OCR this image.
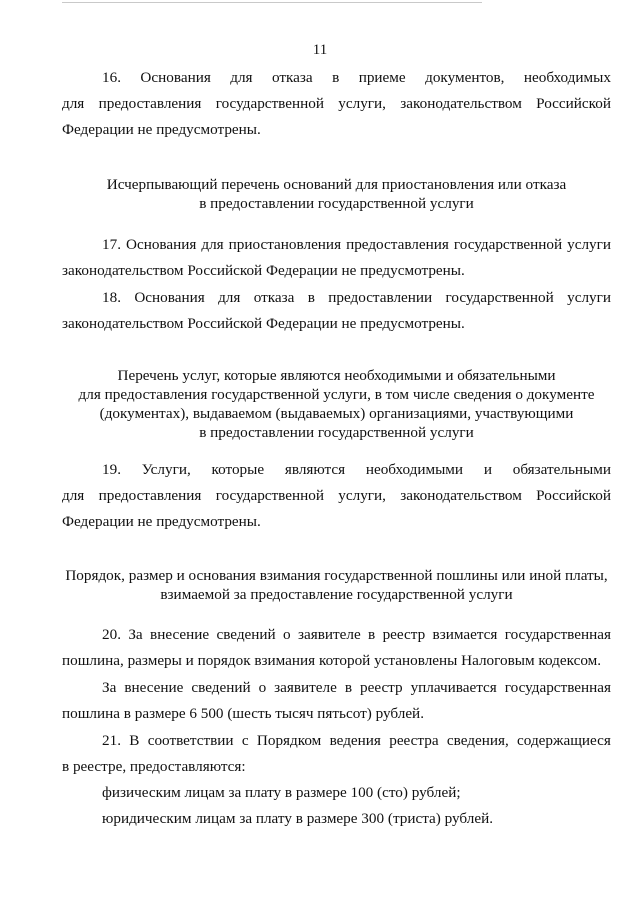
11
16. Основания для отказа в приеме документов, необходимых
для предоставления государственной услуги, законодательством Российской
Федерации не предусмотрены.
Исчерпывающий перечень оснований для приостановления или отказа
в предоставлении государственной услуги
17. Основания для приостановления предоставления государственной услуги
законодательством Российской Федерации не предусмотрены.
18. Основания для отказа в предоставлении государственной услуги
законодательством Российской Федерации не предусмотрены.
Перечень услуг, которые являются необходимыми и обязательными
для предоставления государственной услуги, в том числе сведения о документе
(документах), выдаваемом (выдаваемых) организациями, участвующими
в предоставлении государственной услуги
19. Услуги, которые являются необходимыми и обязательными
для предоставления государственной услуги, законодательством Российской
Федерации не предусмотрены.
Порядок, размер и основания взимания государственной пошлины или иной платы,
взимаемой за предоставление государственной услуги
20. За внесение сведений о заявителе в реестр взимается государственная
пошлина, размеры и порядок взимания которой установлены Налоговым кодексом.
За внесение сведений о заявителе в реестр уплачивается государственная
пошлина в размере 6 500 (шесть тысяч пятьсот) рублей.
21. В соответствии с Порядком ведения реестра сведения, содержащиеся
в реестре, предоставляются:
физическим лицам за плату в размере 100 (сто) рублей;
юридическим лицам за плату в размере 300 (триста) рублей.
